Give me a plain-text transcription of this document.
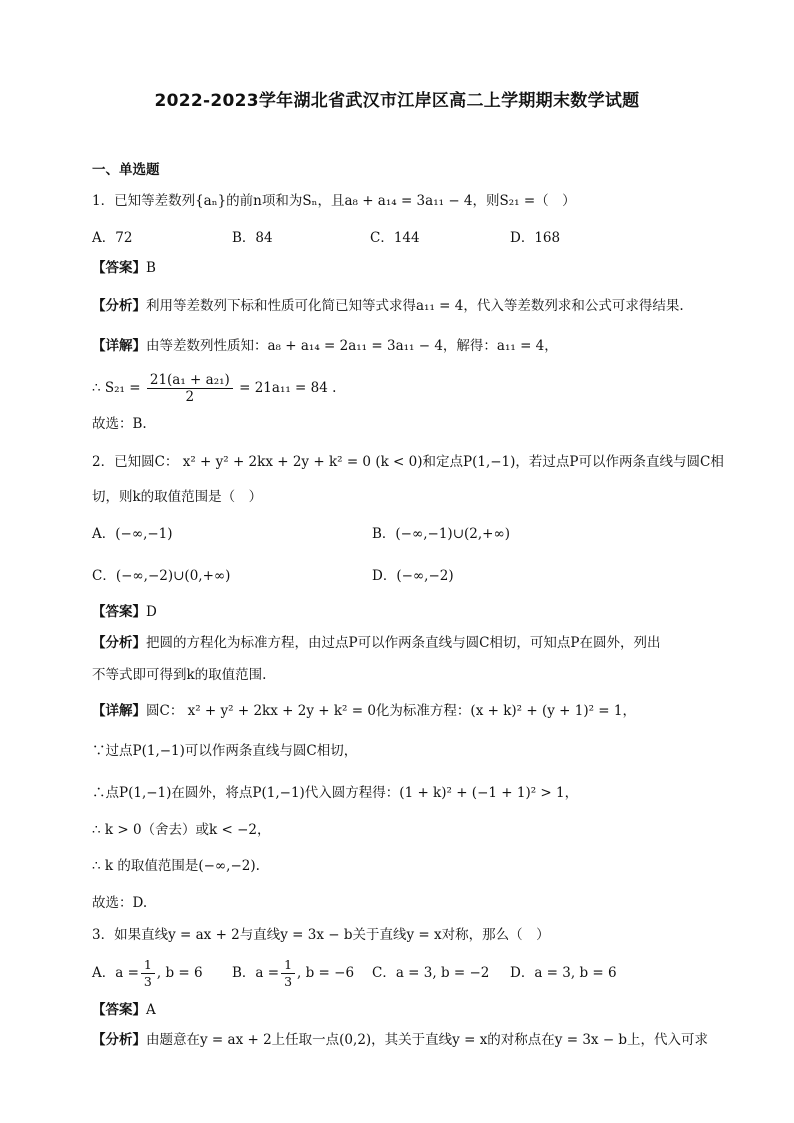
2022-2023学年湖北省武汉市江岸区高二上学期期末数学试题
一、单选题
1．已知等差数列{aₙ}的前n项和为Sₙ，且a₈ + a₁₄ = 3a₁₁ − 4，则S₂₁ =（　）
A．72	B．84	C．144	D．168
【答案】B
【分析】利用等差数列下标和性质可化简已知等式求得a₁₁ = 4，代入等差数列求和公式可求得结果.
【详解】由等差数列性质知：a₈ + a₁₄ = 2a₁₁ = 3a₁₁ − 4，解得：a₁₁ = 4，
∴ $S_{21} = \frac{\text{21(a₁ + a₂₁)}}{2} = 21a_{11} = 84$ .
故选：B.
2．已知圆C： x² + y² + 2kx + 2y + k² = 0 (k < 0)和定点P(1,−1)，若过点P可以作两条直线与圆C相
切，则k的取值范围是（　）
A．(−∞,−1)	B．(−∞,−1)∪(2,+∞)
C．(−∞,−2)∪(0,+∞)	D．(−∞,−2)
【答案】D
【分析】把圆的方程化为标准方程，由过点P可以作两条直线与圆C相切，可知点P在圆外，列出
不等式即可得到k的取值范围.
【详解】圆C： x² + y² + 2kx + 2y + k² = 0化为标准方程：(x + k)² + (y + 1)² = 1，
∵过点P(1,−1)可以作两条直线与圆C相切，
∴点P(1,−1)在圆外，将点P(1,−1)代入圆方程得：(1 + k)² + (−1 + 1)² > 1，
∴ k > 0（舍去）或k < −2，
∴ k 的取值范围是(−∞,−2).
故选：D.
3．如果直线y = ax + 2与直线y = 3x − b关于直线y = x对称，那么（　）
A．$a = \frac{1}{3}$ , b = 6 B．$a = \frac{1}{3}$ , b = −6 C．a = 3, b = −2 D．a = 3, b = 6
【答案】A
【分析】由题意在y = ax + 2上任取一点(0,2)，其关于直线y = x的对称点在y = 3x − b上，代入可求
